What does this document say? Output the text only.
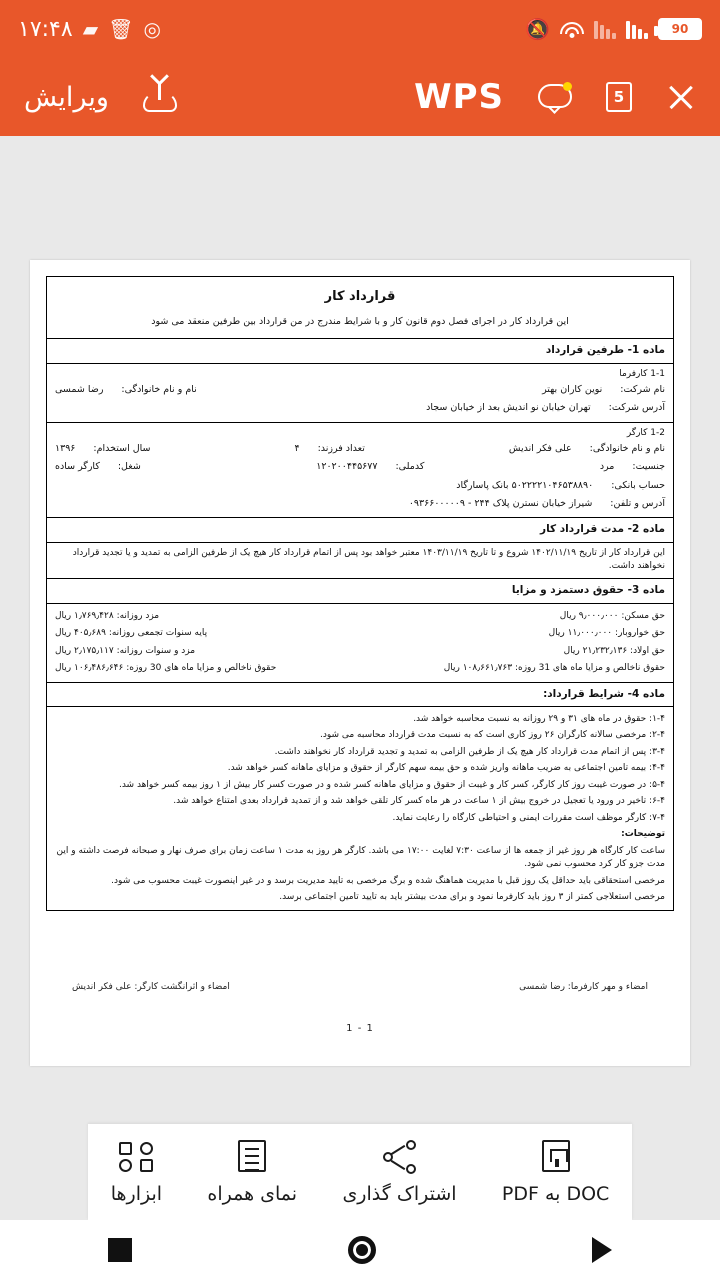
90
🔕
◎
🗑
▰
۱۷:۴۸
5
WPS
ویرایش
قرارداد کار
این قرارداد کار در اجرای فصل دوم قانون کار و با شرایط مندرج در من قرارداد بین طرفین منعقد می شود
ماده 1- طرفین قرارداد
1-1 کارفرما
نام شرکت:
نوین کاران بهتر
نام و نام خانوادگی:
رضا شمسی
آدرس شرکت:
تهران خیابان نو اندیش بعد از خیابان سجاد
1-2 کارگر
نام و نام خانوادگی:
علی فکر اندیش
تعداد فرزند:
۴
سال استخدام:
۱۳۹۶
جنسیت:
مرد
کدملی:
۱۲۰۲۰۰۴۴۵۶۷۷
شغل:
کارگر ساده
حساب بانکی:
۵۰۲۲۲۲۱۰۴۶۵۳۸۸۹۰ بانک پاسارگاد
آدرس و تلفن:
شیراز خیابان نسترن پلاک ۲۴۴ - ۰۹۳۶۶۰۰۰۰۰۹
ماده 2- مدت قرارداد کار
این قرارداد کار از تاریخ ۱۴۰۲/۱۱/۱۹ شروع و تا تاریخ ۱۴۰۳/۱۱/۱۹ معتبر خواهد بود پس از اتمام قرارداد کار هیچ یک از طرفین الزامی به تمدید و یا تجدید قرارداد نخواهند داشت.
ماده 3- حقوق دستمزد و مزایا
حق مسکن: ۹٫۰۰۰٫۰۰۰ ریال
مزد روزانه: ۱٫۷۶۹٫۴۲۸ ریال
حق خواروبار: ۱۱٫۰۰۰٫۰۰۰ ریال
پایه سنوات تجمعی روزانه: ۴۰۵٫۶۸۹ ریال
حق اولاد: ۲۱٫۲۳۲٫۱۳۶ ریال
مزد و سنوات روزانه: ۲٫۱۷۵٫۱۱۷ ریال
حقوق ناخالص و مزایا ماه های 31 روزه: ۱۰۸٫۶۶۱٫۷۶۳ ریال
حقوق ناخالص و مزایا ماه های 30 روزه: ۱۰۶٫۴۸۶٫۶۴۶ ریال
ماده 4- شرایط قرارداد:

۱-۴: حقوق در ماه های ۳۱ و ۲۹ روزانه به نسبت محاسبه خواهد شد.

۲-۴: مرخصی سالانه کارگران ۲۶ روز کاری است که به نسبت مدت قرارداد محاسبه می شود.

۳-۴: پس از اتمام مدت قرارداد کار هیچ یک از طرفین الزامی به تمدید و تجدید قرارداد کار نخواهند داشت.

۴-۴: بیمه تامین اجتماعی به ضریب ماهانه واریز شده و حق بیمه سهم کارگر از حقوق و مزایای ماهانه کسر خواهد شد.

۵-۴: در صورت غیبت روز کار کارگر، کسر کار و غیبت از حقوق و مزایای ماهانه کسر شده و در صورت کسر کار بیش از ۱ روز بیمه کسر خواهد شد.

۶-۴: تاخیر در ورود یا تعجیل در خروج بیش از ۱ ساعت در هر ماه کسر کار تلقی خواهد شد و از تمدید قرارداد بعدی امتناع خواهد شد.

۷-۴: کارگر موظف است مقررات ایمنی و احتیاطی کارگاه را رعایت نماید.

توضیحات:

ساعت کار کارگاه هر روز غیر از جمعه ها از ساعت ۷:۳۰ لغایت ۱۷:۰۰ می باشد. کارگر هر روز به مدت ۱ ساعت زمان برای صرف نهار و صبحانه فرصت داشته و این مدت جزو کار کرد محسوب نمی شود.

مرخصی استحقاقی باید حداقل یک روز قبل با مدیریت هماهنگ شده و برگ مرخصی به تایید مدیریت برسد و در غیر اینصورت غیبت محسوب می شود.

مرخصی استعلاجی کمتر از ۳ روز باید کارفرما نمود و برای مدت بیشتر باید به تایید تامین اجتماعی برسد.

امضاء و مهر کارفرما: رضا شمسی
امضاء و اثرانگشت کارگر: علی فکر اندیش
1 - 1
DOC به PDF
اشتراک گذاری
نمای همراه
ابزارها
